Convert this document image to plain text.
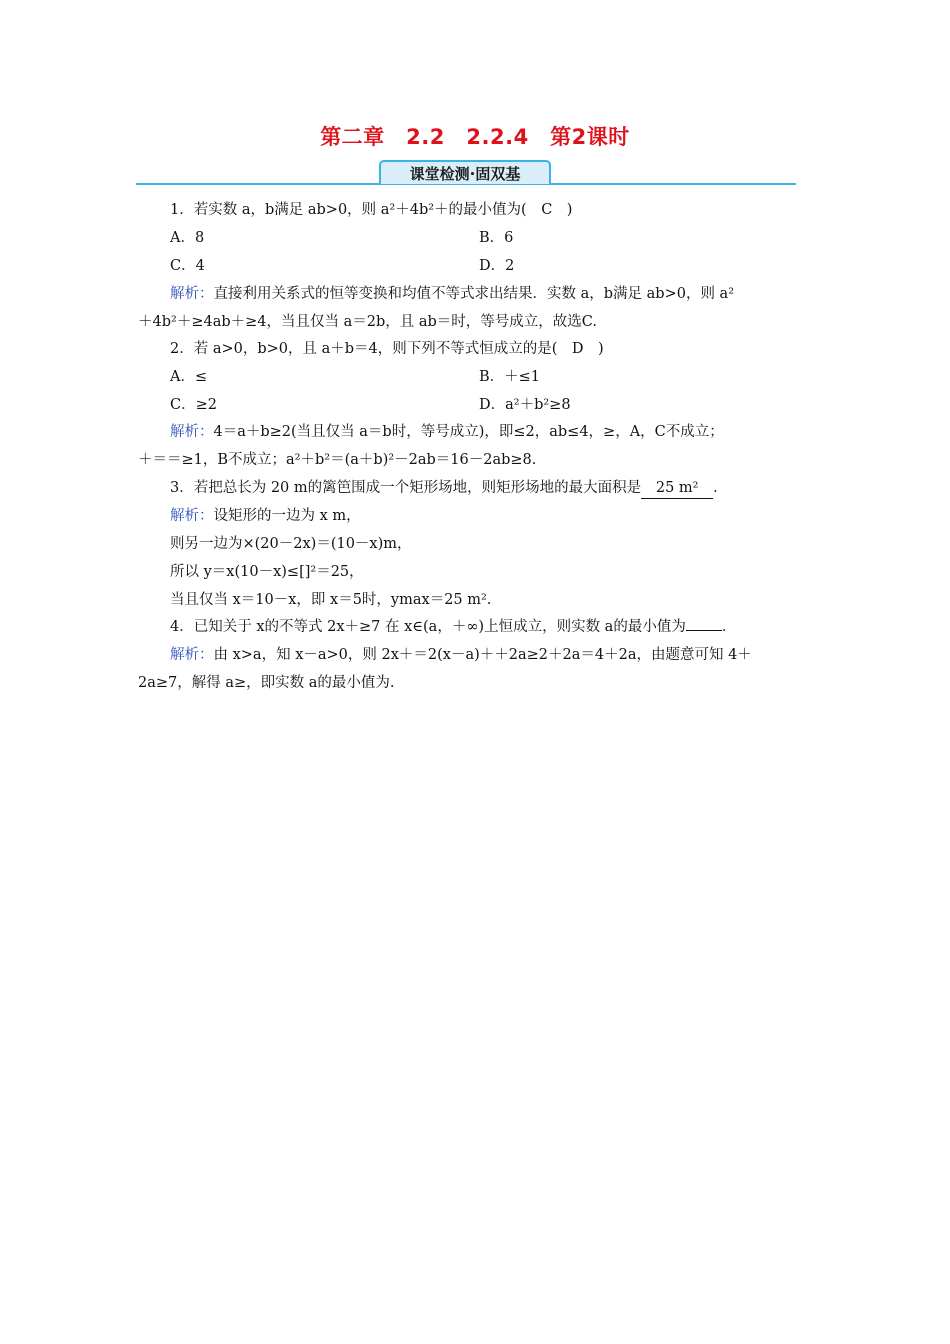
第二章　2.2　2.2.4　第2课时
课堂检测·固双基
1．若实数 a，b满足 ab>0，则 a²＋4b²＋的最小值为(　C　)
A．8	B．6
C．4	D．2
解析：直接利用关系式的恒等变换和均值不等式求出结果．实数 a，b满足 ab>0，则 a²
＋4b²＋≥4ab＋≥4，当且仅当 a＝2b，且 ab＝时，等号成立，故选C.
2．若 a>0，b>0，且 a＋b＝4，则下列不等式恒成立的是(　D　)
A．≤	B．＋≤1
C．≥2	D．a²＋b²≥8
解析：4＝a＋b≥2(当且仅当 a＝b时，等号成立)，即≤2，ab≤4，≥，A，C不成立；
＋＝＝≥1，B不成立；a²＋b²＝(a＋b)²－2ab＝16－2ab≥8.
3．若把总长为 20 m的篱笆围成一个矩形场地，则矩形场地的最大面积是 25 m² ．
解析：设矩形的一边为 x m，
则另一边为×(20－2x)＝(10－x)m，
所以 y＝x(10－x)≤[]²＝25，
当且仅当 x＝10－x，即 x＝5时，ymax＝25 m².
4．已知关于 x的不等式 2x＋≥7 在 x∈(a，＋∞)上恒成立，则实数 a的最小值为 ．
解析：由 x>a，知 x－a>0，则 2x＋＝2(x－a)＋＋2a≥2＋2a＝4＋2a，由题意可知 4＋
2a≥7，解得 a≥，即实数 a的最小值为.
